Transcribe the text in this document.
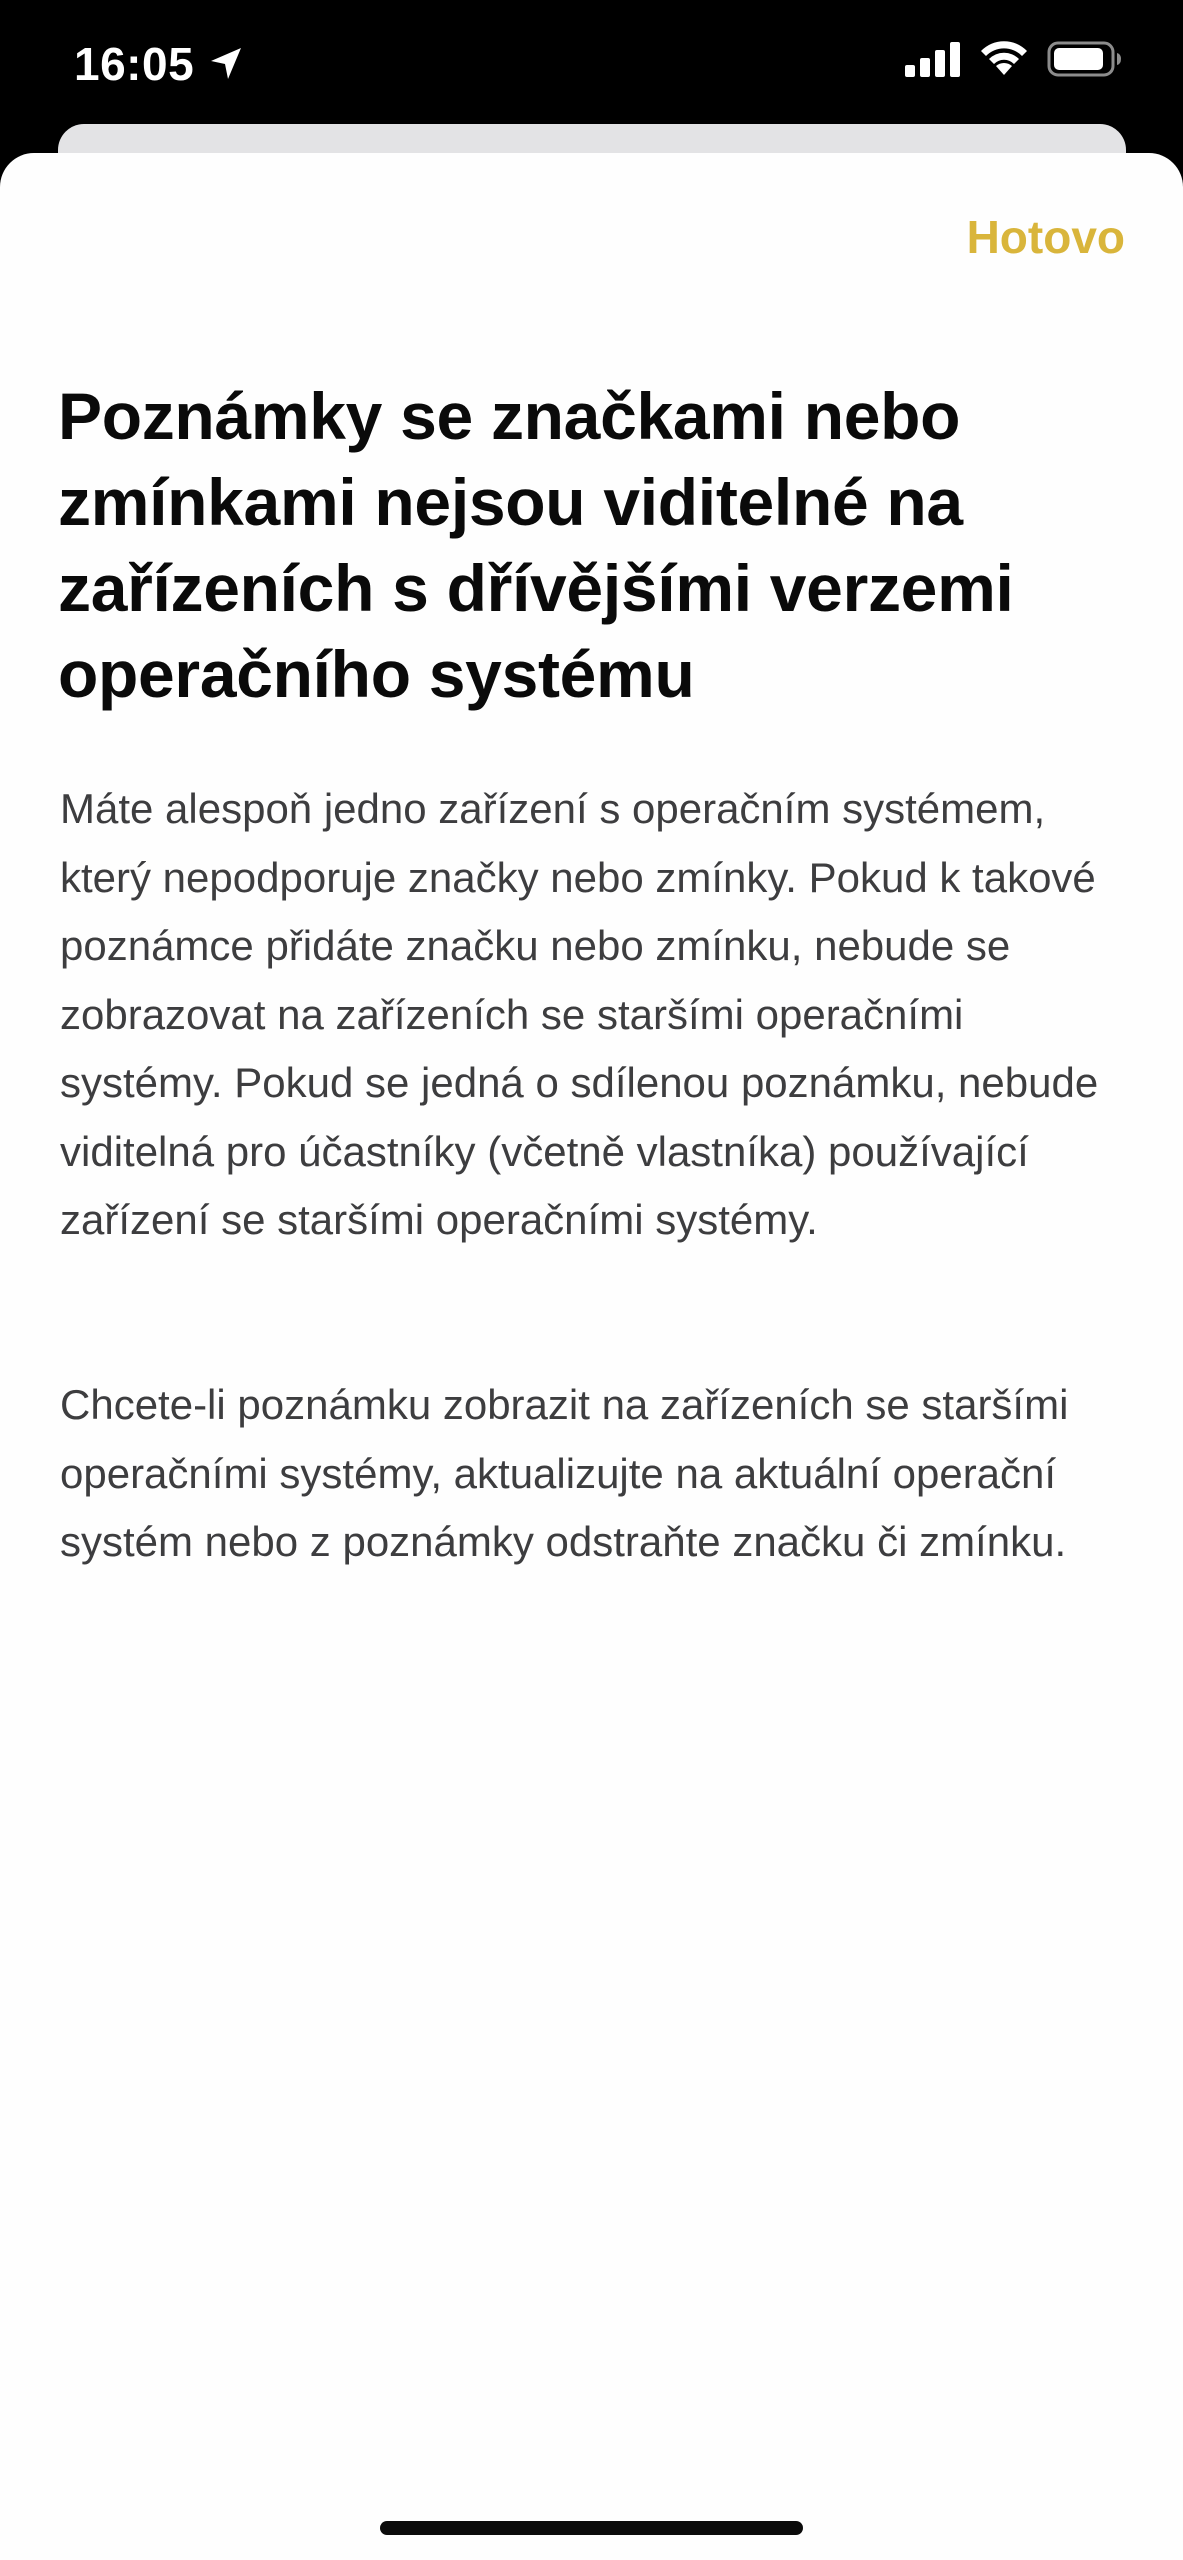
16:05
Hotovo
Poznámky se značkami nebo zmínkami nejsou viditelné na zařízeních s dřívějšími verzemi operačního systému

Máte alespoň jedno zařízení s operačním systémem, který nepodporuje značky nebo zmínky. Pokud k takové poznámce přidáte značku nebo zmínku, nebude se zobrazovat na zařízeních se staršími operačními systémy. Pokud se jedná o sdílenou poznámku, nebude viditelná pro účastníky (včetně vlastníka) používající zařízení se staršími operačními systémy.

Chcete-li poznámku zobrazit na zařízeních se staršími operačními systémy, aktualizujte na aktuální operační systém nebo z poznámky odstraňte značku či zmínku.
